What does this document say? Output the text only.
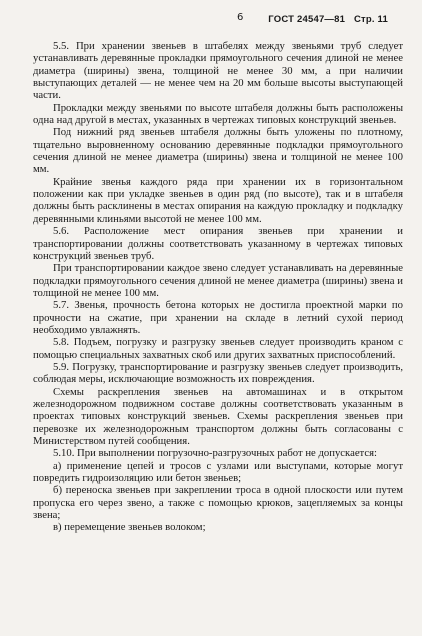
6	ГОСТ 24547—81 Стр. 11

5.5. При хранении звеньев в штабелях между звеньями труб следует устанавливать деревянные прокладки прямоугольного сечения длиной не менее диаметра (ширины) звена, толщиной не менее 30 мм, а при наличии выступающих деталей — не менее чем на 20 мм больше высоты выступающей части.

Прокладки между звеньями по высоте штабеля должны быть расположены одна над другой в местах, указанных в чертежах типовых конструкций звеньев.

Под нижний ряд звеньев штабеля должны быть уложены по плотному, тщательно выровненному основанию деревянные подкладки прямоугольного сечения длиной не менее диаметра (ширины) звена и толщиной не менее 100 мм.

Крайние звенья каждого ряда при хранении их в горизонтальном положении как при укладке звеньев в один ряд (по высоте), так и в штабеля должны быть расклинены в местах опирания на каждую прокладку и подкладку деревянными клиньями высотой не менее 100 мм.

5.6. Расположение мест опирания звеньев при хранении и транспортировании должны соответствовать указанному в чертежах типовых конструкций звеньев труб.

При транспортировании каждое звено следует устанавливать на деревянные подкладки прямоугольного сечения длиной не менее диаметра (ширины) звена и толщиной не менее 100 мм.

5.7. Звенья, прочность бетона которых не достигла проектной марки по прочности на сжатие, при хранении на складе в летний сухой период необходимо увлажнять.

5.8. Подъем, погрузку и разгрузку звеньев следует производить краном с помощью специальных захватных скоб или других захватных приспособлений.

5.9. Погрузку, транспортирование и разгрузку звеньев следует производить, соблюдая меры, исключающие возможность их повреждения.

Схемы раскрепления звеньев на автомашинах и в открытом железнодорожном подвижном составе должны соответствовать указанным в проектах типовых конструкций звеньев. Схемы раскрепления звеньев при перевозке их железнодорожным транспортом должны быть согласованы с Министерством путей сообщения.

5.10. При выполнении погрузочно-разгрузочных работ не допускается:

а) применение цепей и тросов с узлами или выступами, которые могут повредить гидроизоляцию или бетон звеньев;

б) переноска звеньев при закреплении троса в одной плоскости или путем пропуска его через звено, а также с помощью крюков, зацепляемых за концы звена;

в) перемещение звеньев волоком;
